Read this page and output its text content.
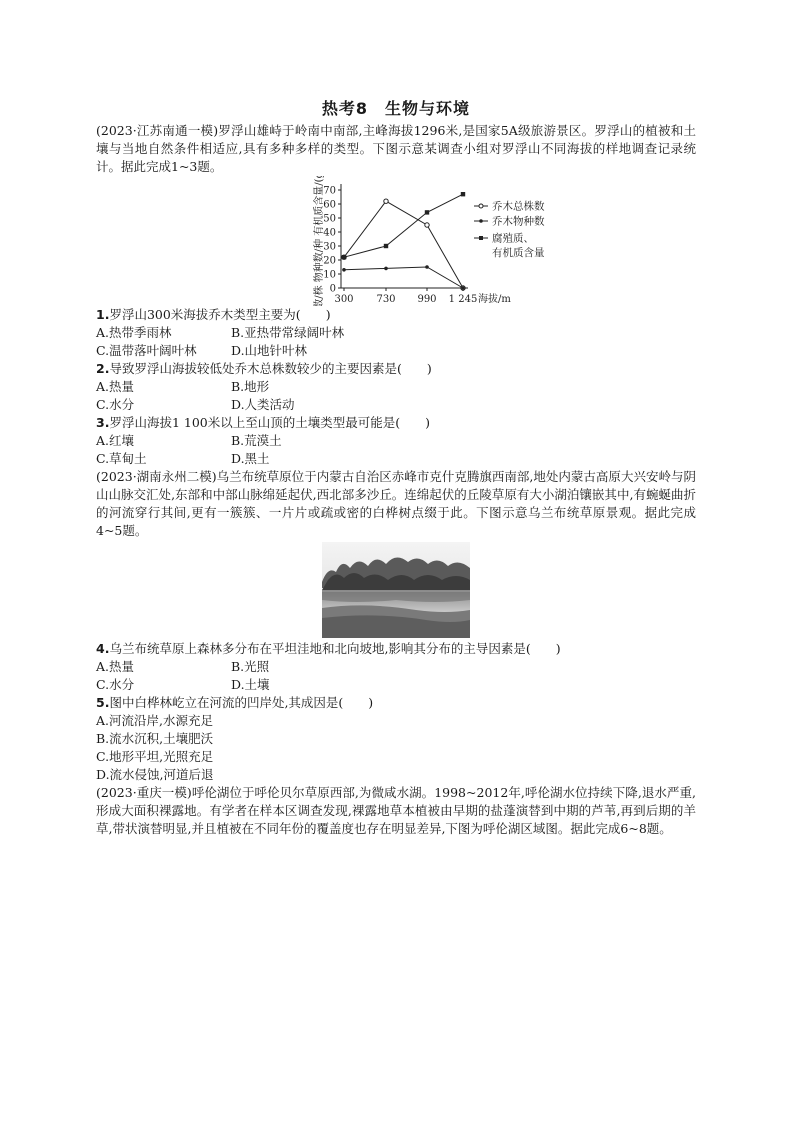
热考8　生物与环境

(2023·江苏南通一模)罗浮山雄峙于岭南中南部,主峰海拔1296米,是国家5A级旅游景区。罗浮山的植被和土壤与当地自然条件相适应,具有多种多样的类型。下图示意某调查小组对罗浮山不同海拔的样地调查记录统计。据此完成1~3题。

0
10
20
30
40
50
60
70
300 730 990 1 245 海拔/m
总株数/株 物种数/种 有机质含量/(g·kg⁻¹)	乔木总株数
乔木物种数
腐殖质、
有机质含量

1.罗浮山300米海拔乔木类型主要为(　　)

A.热带季雨林	B.亚热带常绿阔叶林
C.温带落叶阔叶林	D.山地针叶林

2.导致罗浮山海拔较低处乔木总株数较少的主要因素是(　　)

A.热量	B.地形
C.水分	D.人类活动

3.罗浮山海拔1 100米以上至山顶的土壤类型最可能是(　　)

A.红壤	B.荒漠土
C.草甸土	D.黑土

(2023·湖南永州二模)乌兰布统草原位于内蒙古自治区赤峰市克什克腾旗西南部,地处内蒙古高原大兴安岭与阴山山脉交汇处,东部和中部山脉绵延起伏,西北部多沙丘。连绵起伏的丘陵草原有大小湖泊镶嵌其中,有蜿蜒曲折的河流穿行其间,更有一簇簇、一片片或疏或密的白桦树点缀于此。下图示意乌兰布统草原景观。据此完成4~5题。

4.乌兰布统草原上森林多分布在平坦洼地和北向坡地,影响其分布的主导因素是(　　)

A.热量	B.光照
C.水分	D.土壤

5.图中白桦林屹立在河流的凹岸处,其成因是(　　)

A.河流沿岸,水源充足
B.流水沉积,土壤肥沃
C.地形平坦,光照充足
D.流水侵蚀,河道后退

(2023·重庆一模)呼伦湖位于呼伦贝尔草原西部,为微咸水湖。1998~2012年,呼伦湖水位持续下降,退水严重,形成大面积裸露地。有学者在样本区调查发现,裸露地草本植被由早期的盐蓬演替到中期的芦苇,再到后期的羊草,带状演替明显,并且植被在不同年份的覆盖度也存在明显差异,下图为呼伦湖区域图。据此完成6~8题。
